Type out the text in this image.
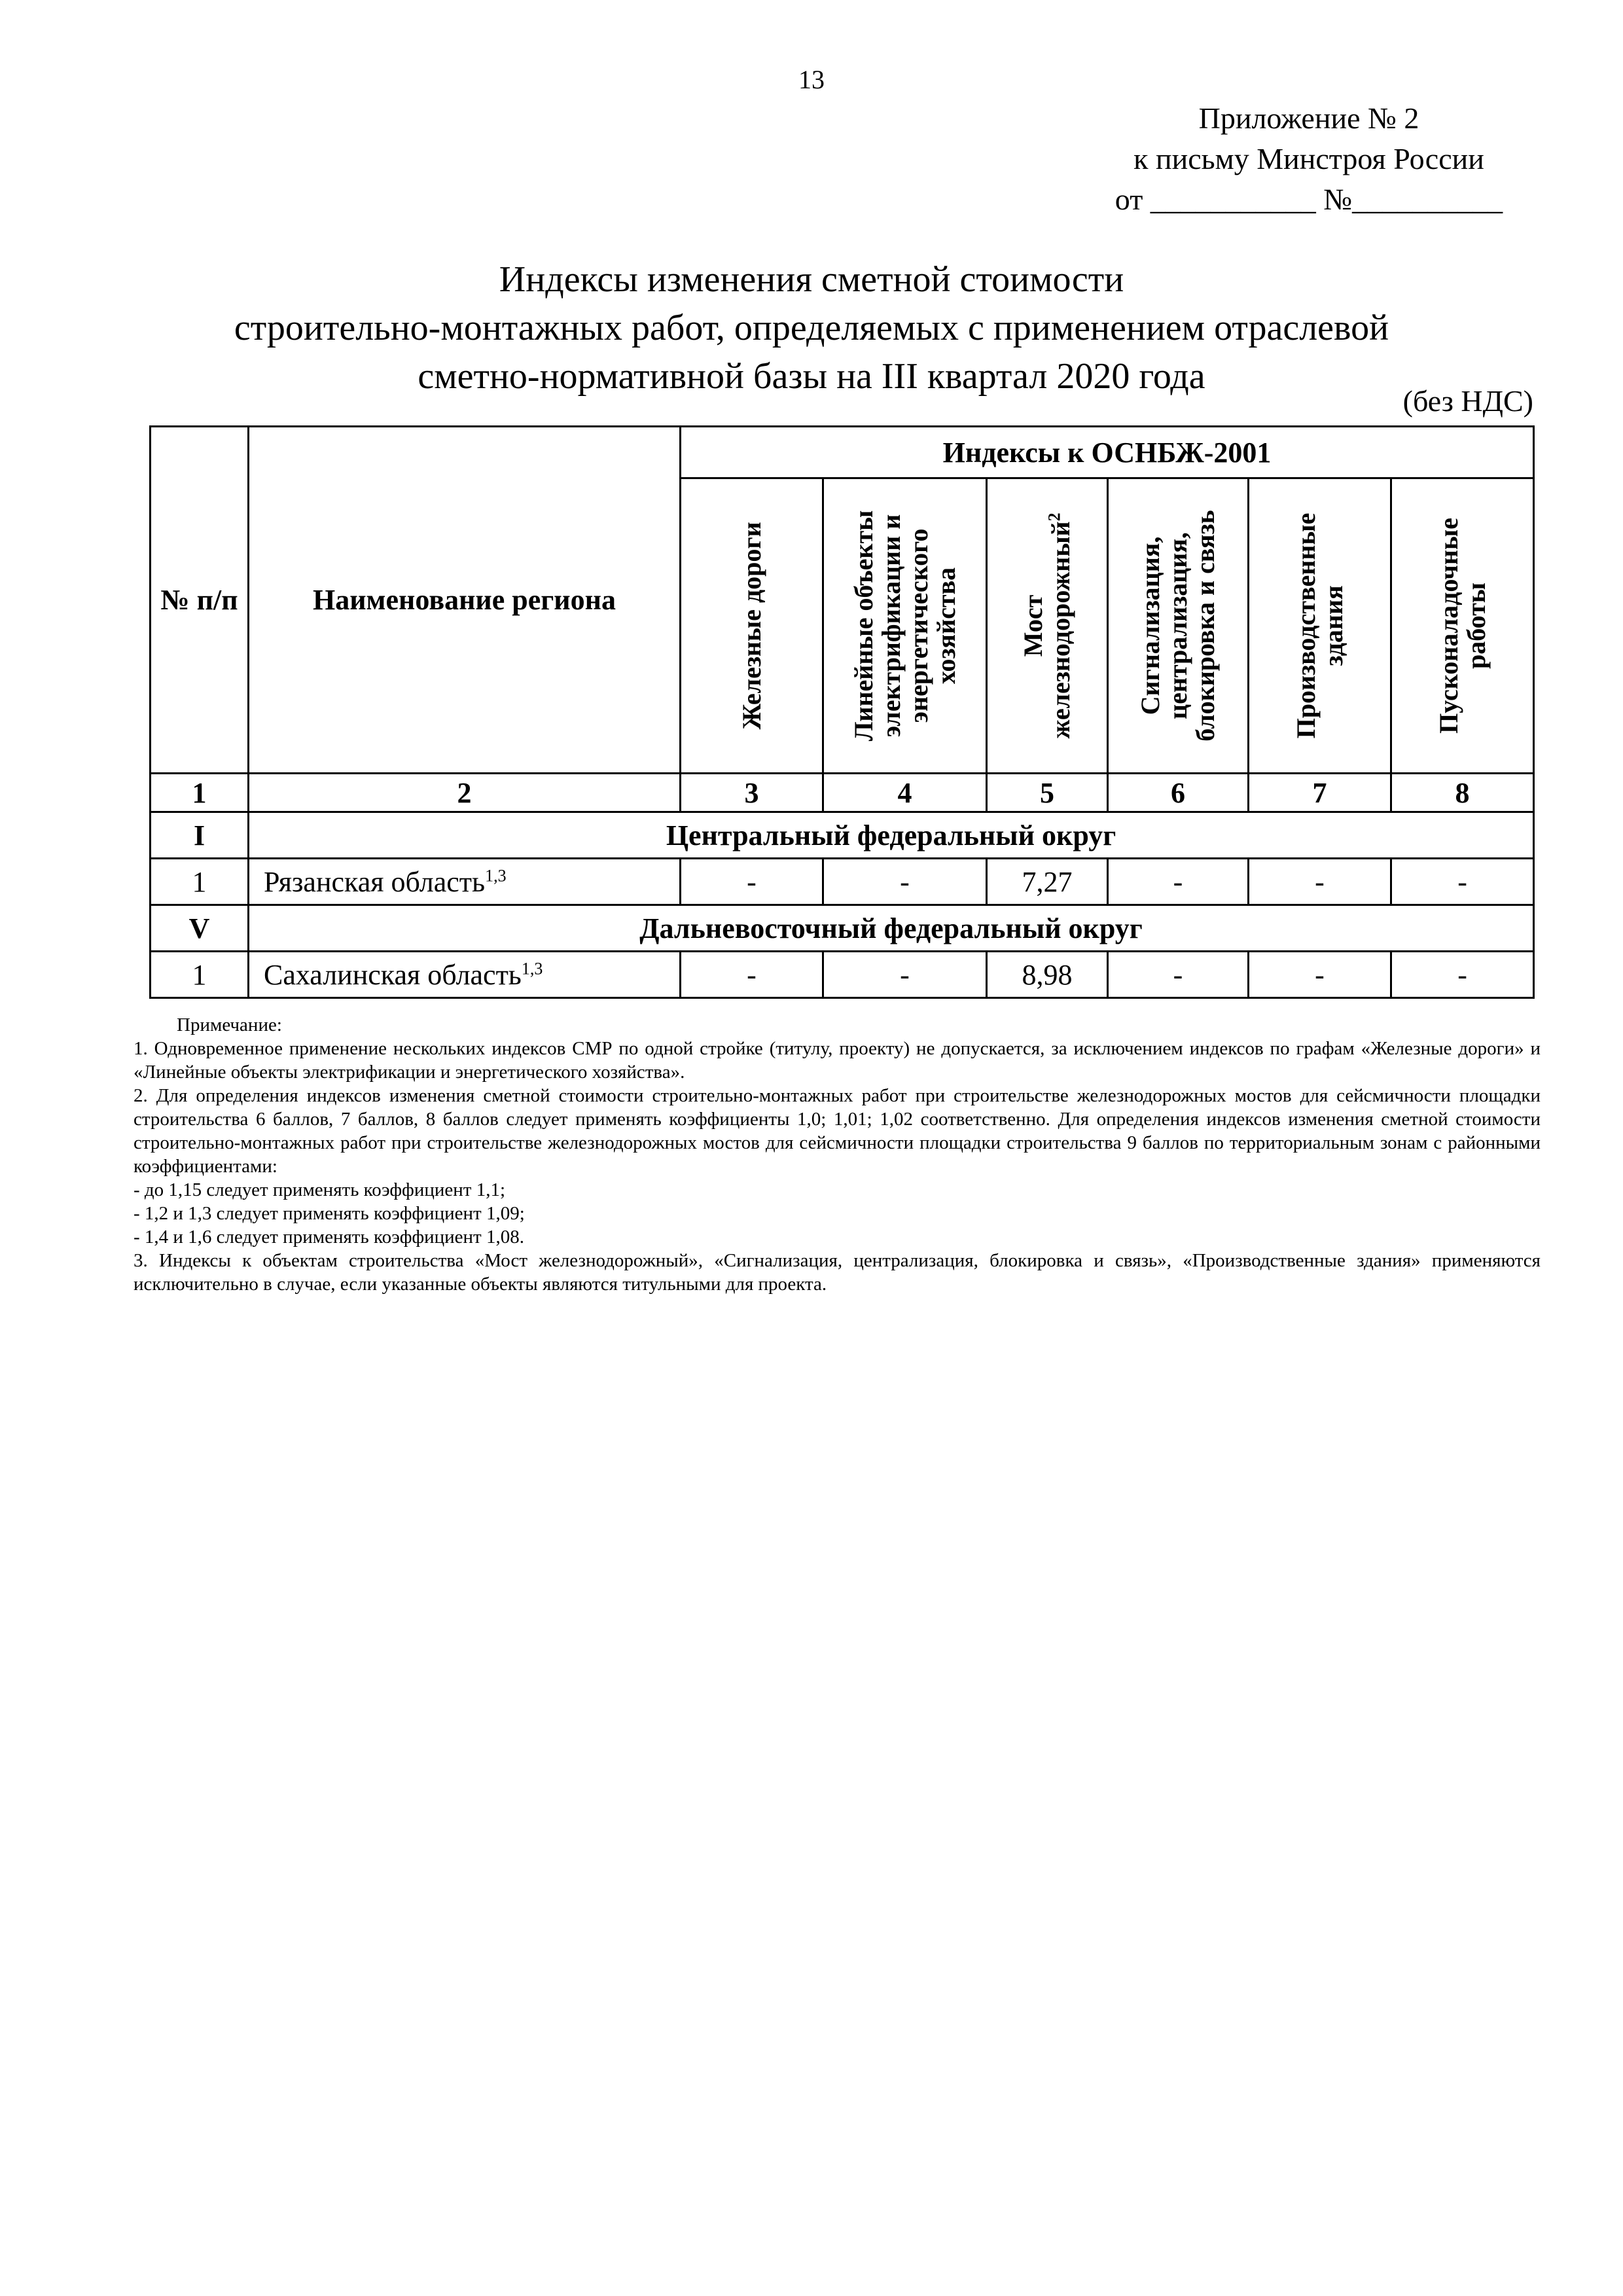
13
Приложение № 2
к письму Минстроя России
от ___________ №__________
Индексы изменения сметной стоимости
строительно-монтажных работ, определяемых с применением отраслевой
сметно-нормативной базы на III квартал 2020 года
(без НДС)
№ п/п	Наименование региона	Индексы к ОСНБЖ-2001					

		Железные дороги	Линейные объекты электрификации и энергетического хозяйства	Мост железнодорожный$^2$	Сигнализация, централизация, блокировка и связь	Производственные здания	Пусконаладочные работы

1	2	3	4	5	6	7	8
I	Центральный федеральный округ						
1	Рязанская область$^{1,3}$	-	-	7,27	-	-	-
V	Дальневосточный федеральный округ						
1	Сахалинская область$^{1,3}$	-	-	8,98	-	-	-

Примечание:

1. Одновременное применение нескольких индексов СМР по одной стройке (титулу, проекту) не допускается, за исключением индексов по графам «Железные дороги» и «Линейные объекты электрификации и энергетического хозяйства».

2. Для определения индексов изменения сметной стоимости строительно-монтажных работ при строительстве железнодорожных мостов для сейсмичности площадки строительства 6 баллов, 7 баллов, 8 баллов следует применять коэффициенты 1,0; 1,01; 1,02 соответственно. Для определения индексов изменения сметной стоимости строительно-монтажных работ при строительстве железнодорожных мостов для сейсмичности площадки строительства 9 баллов по территориальным зонам с районными коэффициентами:

- до 1,15 следует применять коэффициент 1,1;

- 1,2 и 1,3 следует применять коэффициент 1,09;

- 1,4 и 1,6 следует применять коэффициент 1,08.

3. Индексы к объектам строительства «Мост железнодорожный», «Сигнализация, централизация, блокировка и связь», «Производственные здания» применяются исключительно в случае, если указанные объекты являются титульными для проекта.
